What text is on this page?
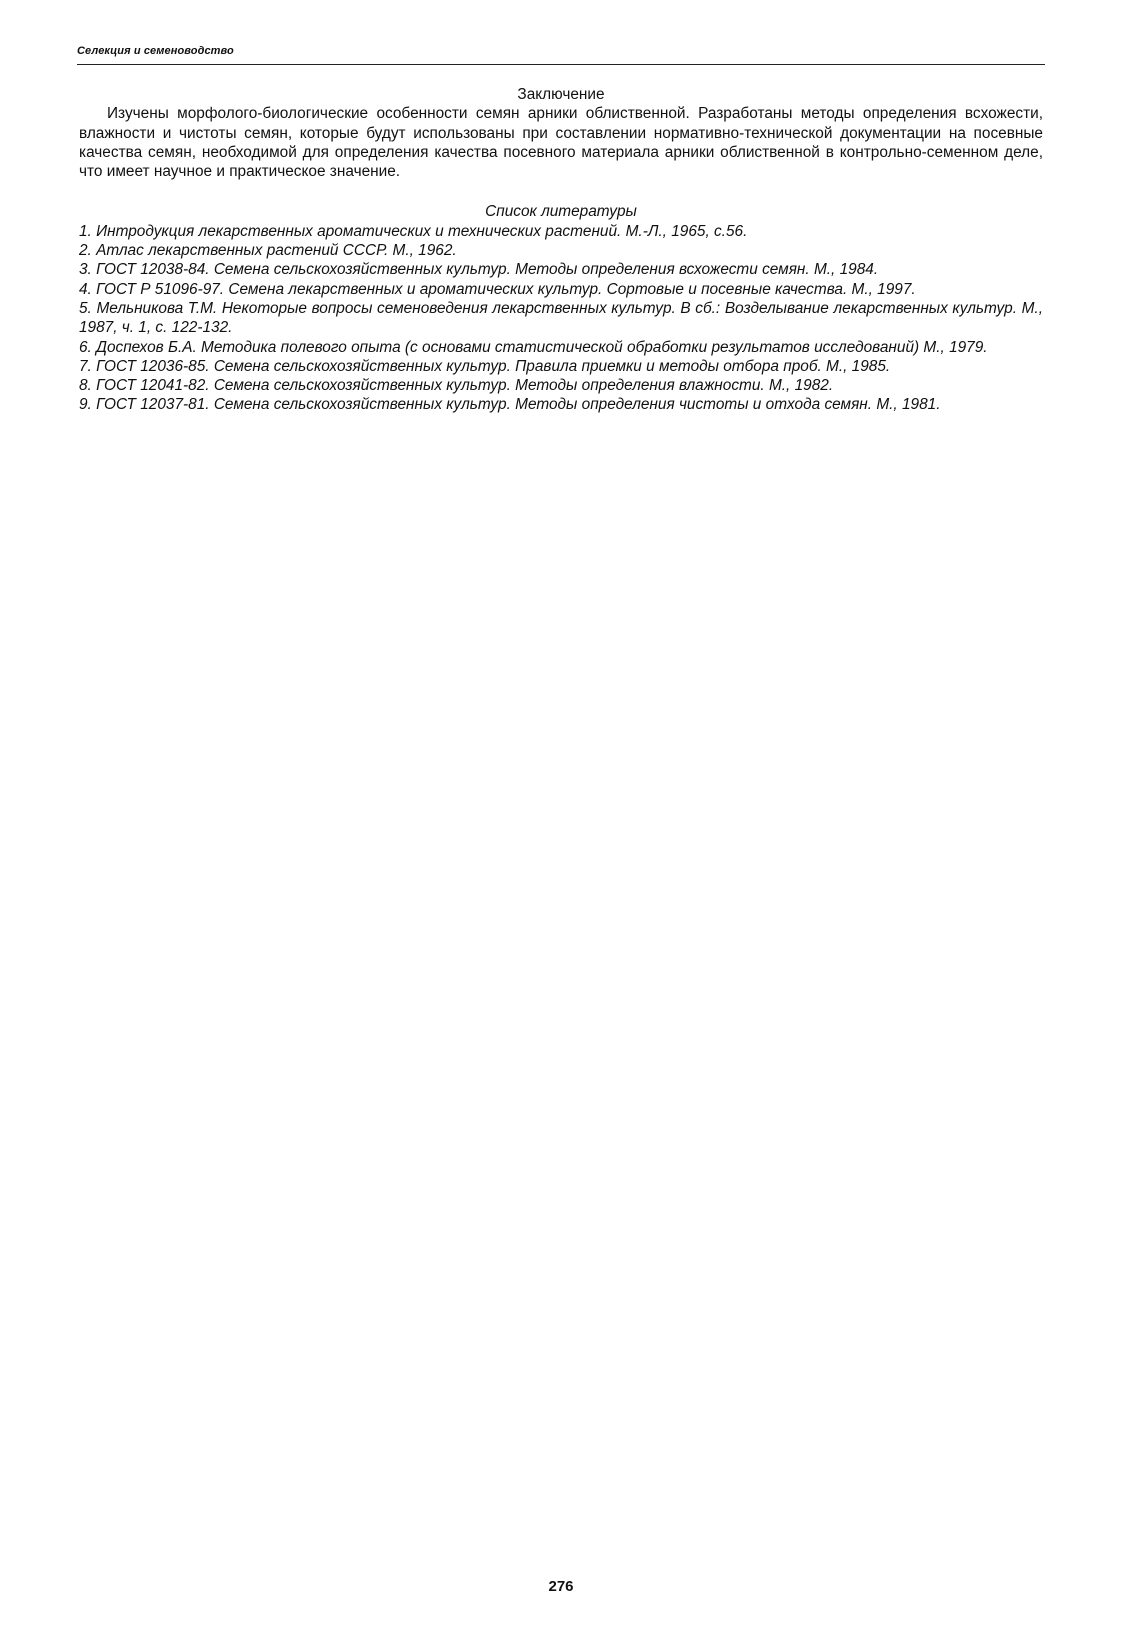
Селекция и семеноводство
Заключение

Изучены морфолого-биологические особенности семян арники облиственной. Разработаны методы определения всхожести, влажности и чистоты семян, которые будут использованы при составлении нормативно-технической документации на посевные качества семян, необходимой для определения качества посевного материала арники облиственной в контрольно-семенном деле, что имеет научное и практическое значение.

Список литературы
1. Интродукция лекарственных ароматических и технических растений. М.-Л., 1965, с.56.
2. Атлас лекарственных растений СССР. М., 1962.
3. ГОСТ 12038-84. Семена сельскохозяйственных культур. Методы определения всхожести семян. М., 1984.
4. ГОСТ Р 51096-97. Семена лекарственных и ароматических культур. Сортовые и посевные качества. М., 1997.
5. Мельникова Т.М. Некоторые вопросы семеноведения лекарственных культур. В сб.: Возделывание лекарственных культур. М., 1987, ч. 1, с. 122-132.
6. Доспехов Б.А. Методика полевого опыта (с основами статистической обработки результатов исследований) М., 1979.
7. ГОСТ 12036-85. Семена сельскохозяйственных культур. Правила приемки и методы отбора проб. М., 1985.
8. ГОСТ 12041-82. Семена сельскохозяйственных культур. Методы определения влажности. М., 1982.
9. ГОСТ 12037-81. Семена сельскохозяйственных культур. Методы определения чистоты и отхода семян. М., 1981.
276
